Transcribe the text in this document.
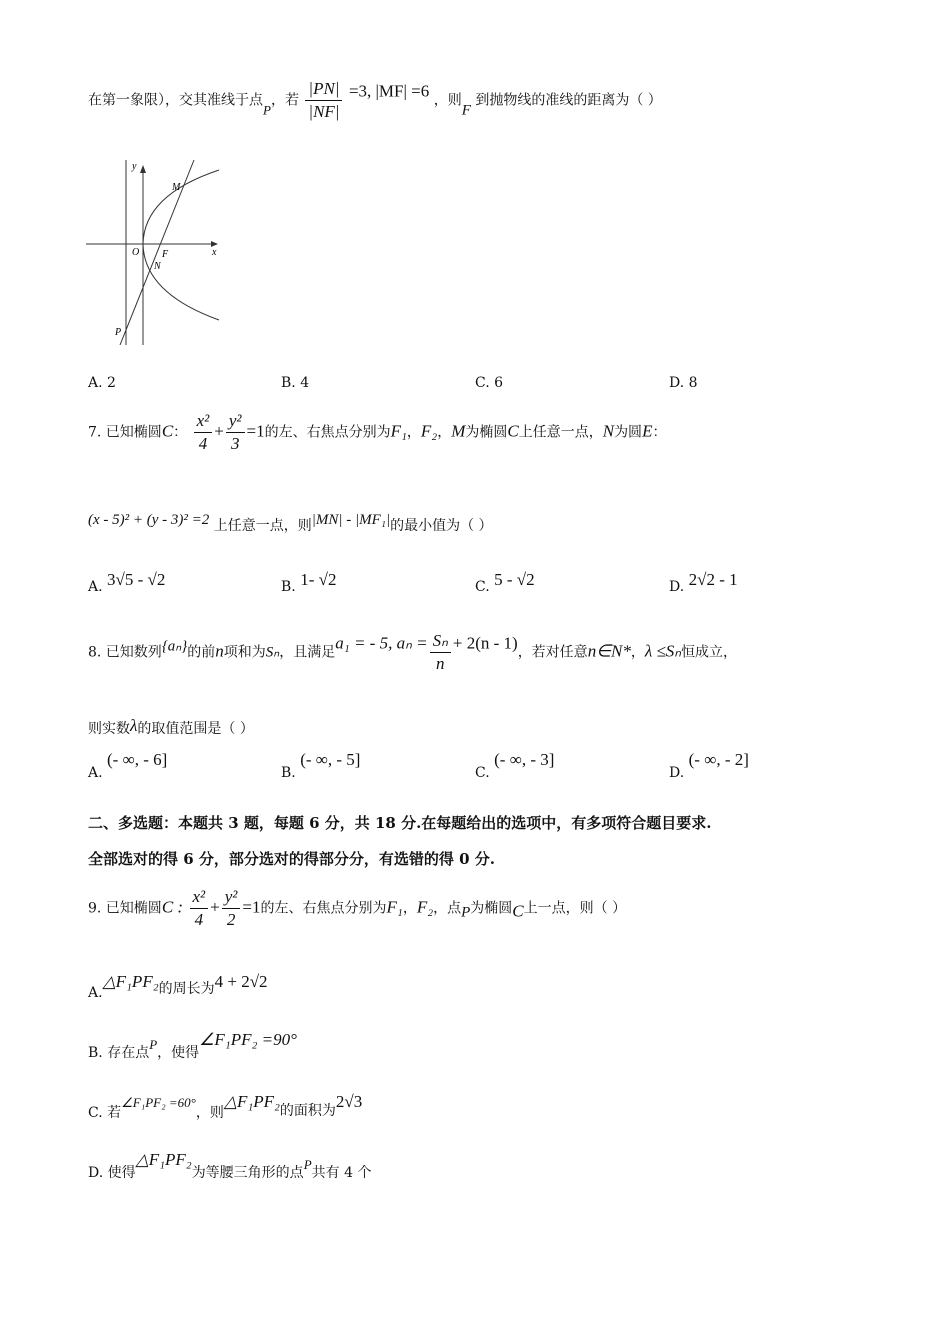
在第一象限），交其准线于点P，若 $\frac{|PN|}{|NF|} =3$, |MF| =6 ，则F 到抛物线的准线的距离为（ ）
y
x
O F
M
N
P
A. 2	B. 4	C. 6	D. 8
7. 已知椭圆C： $\frac{\text{x²}}{4} + \frac{\text{y²}}{3} =1$的左、右焦点分别为F₁，F₂，M为椭圆C上任意一点，N为圆E：
(x - 5)² + (y - 3)² =2 上任意一点，则|MN| - |MF₁|的最小值为（ ）
A. 3√5 - √2	B. 1- √2	C. 5 - √2	D. 2√2 - 1
8. 已知数列{aₙ}的前n项和为Sₙ，且满足a₁ = - 5, $a_n = \frac{\text{Sₙ}}{n} + 2(n - 1)$，若对任意n∈N*，λ ≤Sₙ恒成立，
则实数λ的取值范围是（ ）
A. (- ∞, - 6]
B. (- ∞, - 5]
C. (- ∞, - 3]
D. (- ∞, - 2]
二、多选题：本题共 3 题，每题 6 分，共 18 分.在每题给出的选项中，有多项符合题目要求.
全部选对的得 6 分，部分选对的得部分分，有选错的得 0 分.
9. 已知椭圆C : $\frac{\text{x²}}{4} + \frac{\text{y²}}{2} =1$的左、右焦点分别为F₁，F₂，点P为椭圆C上一点，则（ ）
A.△F₁PF₂的周长为4 + 2√2
B. 存在点P，使得∠F₁PF₂ =90°
C. 若∠F₁PF₂ =60°，则△F₁PF₂的面积为2√3
D. 使得△F₁PF₂为等腰三角形的点P共有 4 个
